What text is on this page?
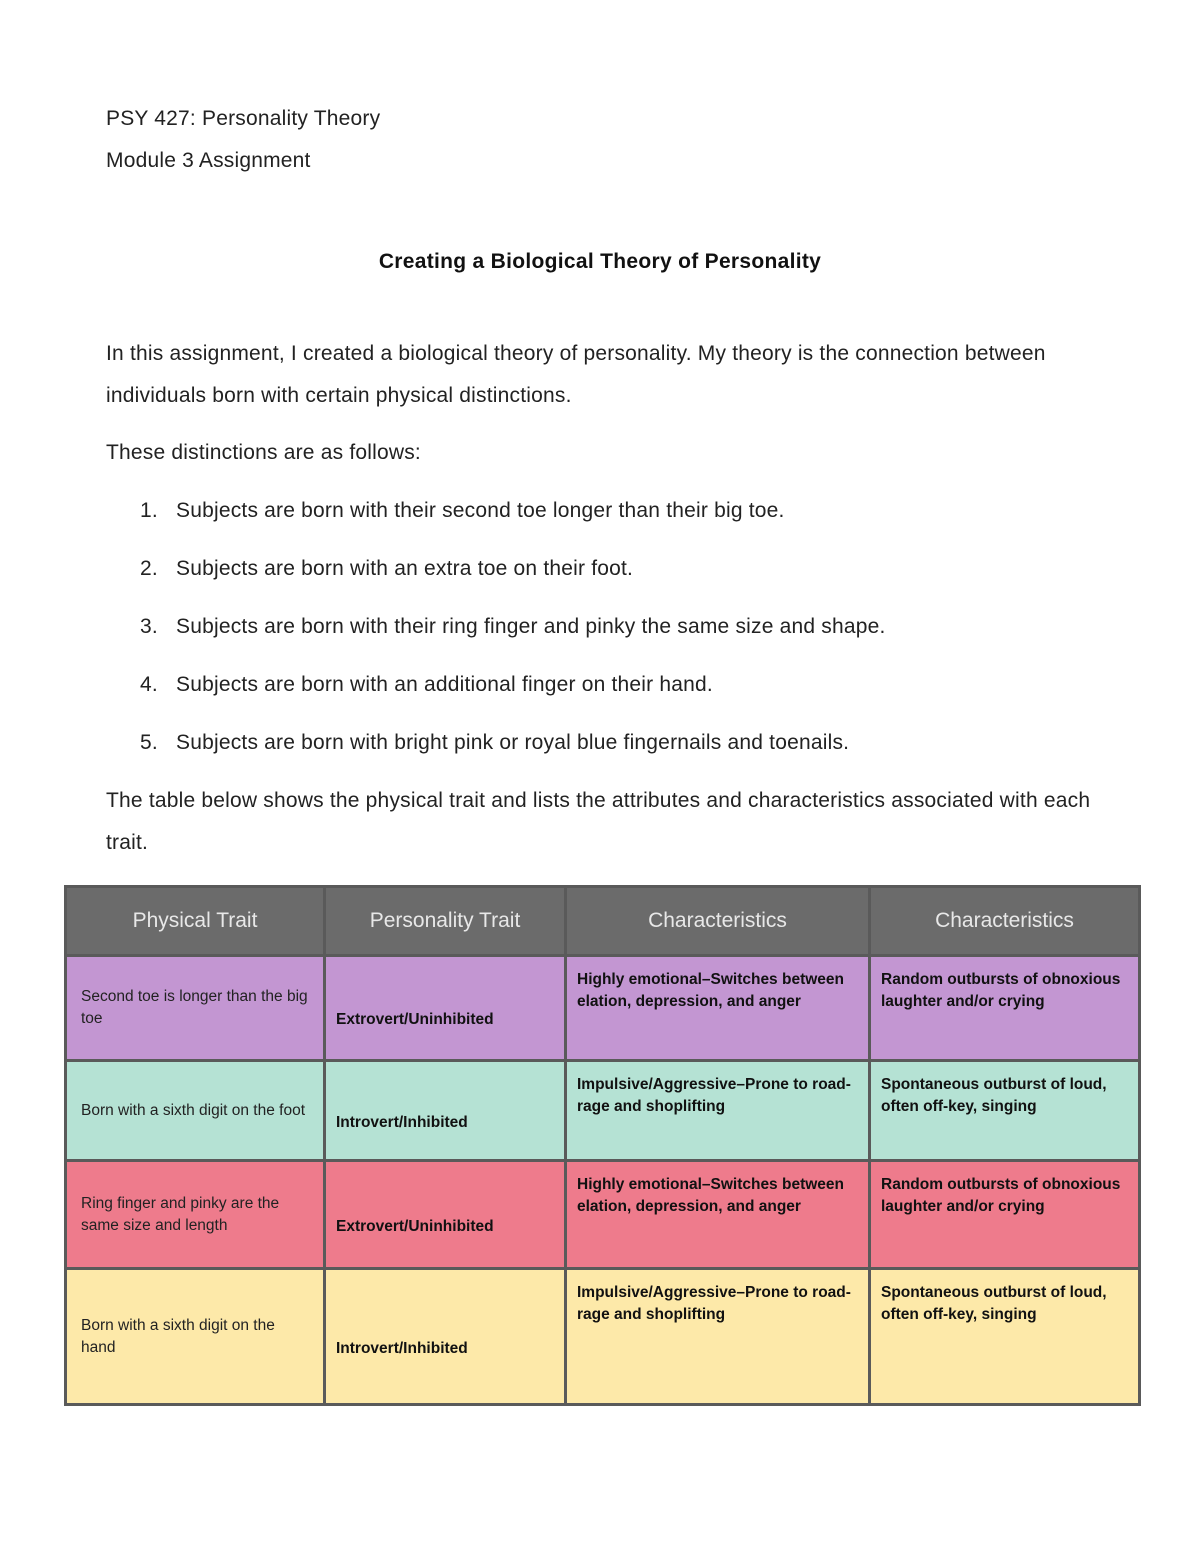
PSY 427: Personality Theory
Module 3 Assignment
Creating a Biological Theory of Personality
In this assignment, I created a biological theory of personality. My theory is the connection between individuals born with certain physical distinctions.
These distinctions are as follows:
1. Subjects are born with their second toe longer than their big toe.
2. Subjects are born with an extra toe on their foot.
3. Subjects are born with their ring finger and pinky the same size and shape.
4. Subjects are born with an additional finger on their hand.
5. Subjects are born with bright pink or royal blue fingernails and toenails.
The table below shows the physical trait and lists the attributes and characteristics associated with each trait.
Physical Trait	Personality Trait	Characteristics	Characteristics
Second toe is longer than the big toe	Extrovert/Uninhibited	Highly emotional–Switches between elation, depression, and anger	Random outbursts of obnoxious laughter and/or crying
Born with a sixth digit on the foot	Introvert/Inhibited	Impulsive/Aggressive–Prone to road-rage and shoplifting	Spontaneous outburst of loud, often off-key, singing
Ring finger and pinky are the same size and length	Extrovert/Uninhibited	Highly emotional–Switches between elation, depression, and anger	Random outbursts of obnoxious laughter and/or crying
Born with a sixth digit on the hand	Introvert/Inhibited	Impulsive/Aggressive–Prone to road-rage and shoplifting	Spontaneous outburst of loud, often off-key, singing
